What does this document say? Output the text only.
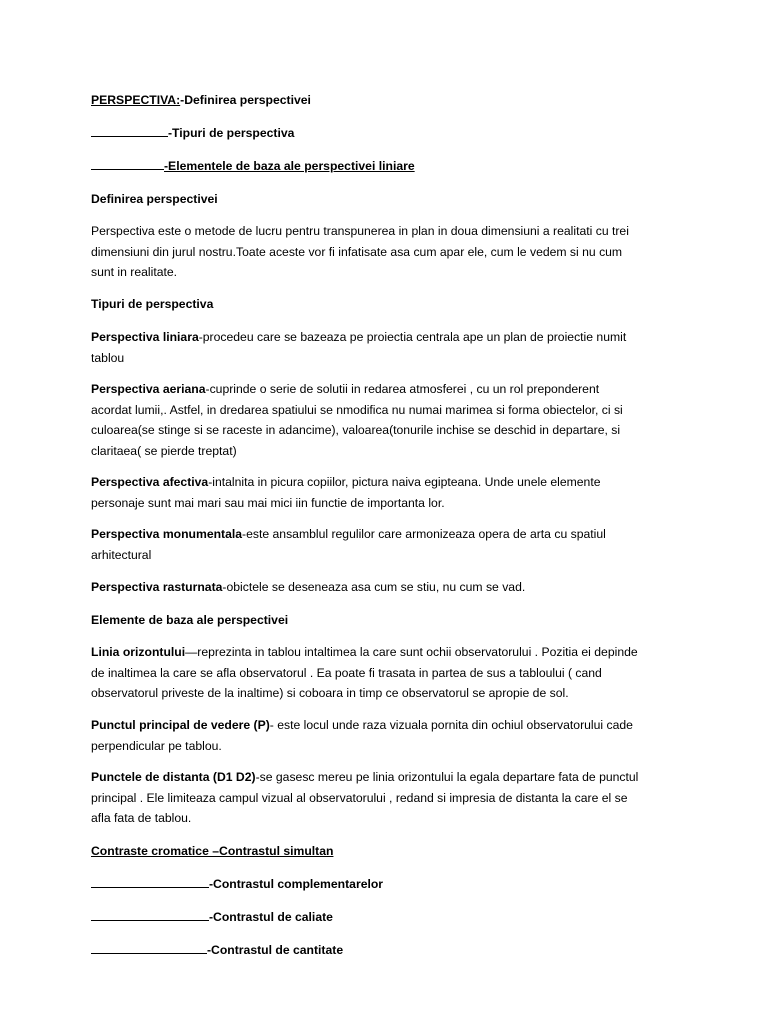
PERSPECTIVA:-Definirea perspectivei

-Tipuri de perspectiva

-Elementele de baza ale perspectivei liniare

Definirea perspectivei

Perspectiva este o metode de lucru pentru transpunerea in plan in doua dimensiuni a realitati cu trei
dimensiuni din jurul nostru.Toate aceste vor fi infatisate asa cum apar ele, cum le vedem si nu cum
sunt in realitate.

Tipuri de perspectiva

Perspectiva liniara-procedeu care se bazeaza pe proiectia centrala ape un plan de proiectie numit
tablou

Perspectiva aeriana-cuprinde o serie de solutii in redarea atmosferei , cu un rol preponderent
acordat lumii,. Astfel, in dredarea spatiului se nmodifica nu numai marimea si forma obiectelor, ci si
culoarea(se stinge si se raceste in adancime), valoarea(tonurile inchise se deschid in departare, si
claritaea( se pierde treptat)

Perspectiva afectiva-intalnita in picura copiilor, pictura naiva egipteana. Unde unele elemente
personaje sunt mai mari sau mai mici iin functie de importanta lor.

Perspectiva monumentala-este ansamblul regulilor care armonizeaza opera de arta cu spatiul
arhitectural

Perspectiva rasturnata-obictele se deseneaza asa cum se stiu, nu cum se vad.

Elemente de baza ale perspectivei

Linia orizontului—reprezinta in tablou intaltimea la care sunt ochii observatorului . Pozitia ei depinde
de inaltimea la care se afla observatorul . Ea poate fi trasata in partea de sus a tabloului ( cand
observatorul priveste de la inaltime) si coboara in timp ce observatorul se apropie de sol.

Punctul principal de vedere (P)- este locul unde raza vizuala pornita din ochiul observatorului cade
perpendicular pe tablou.

Punctele de distanta (D1 D2)-se gasesc mereu pe linia orizontului la egala departare fata de punctul
principal . Ele limiteaza campul vizual al observatorului , redand si impresia de distanta la care el se
afla fata de tablou.

Contraste cromatice –Contrastul simultan

-Contrastul complementarelor

-Contrastul de caliate

-Contrastul de cantitate
